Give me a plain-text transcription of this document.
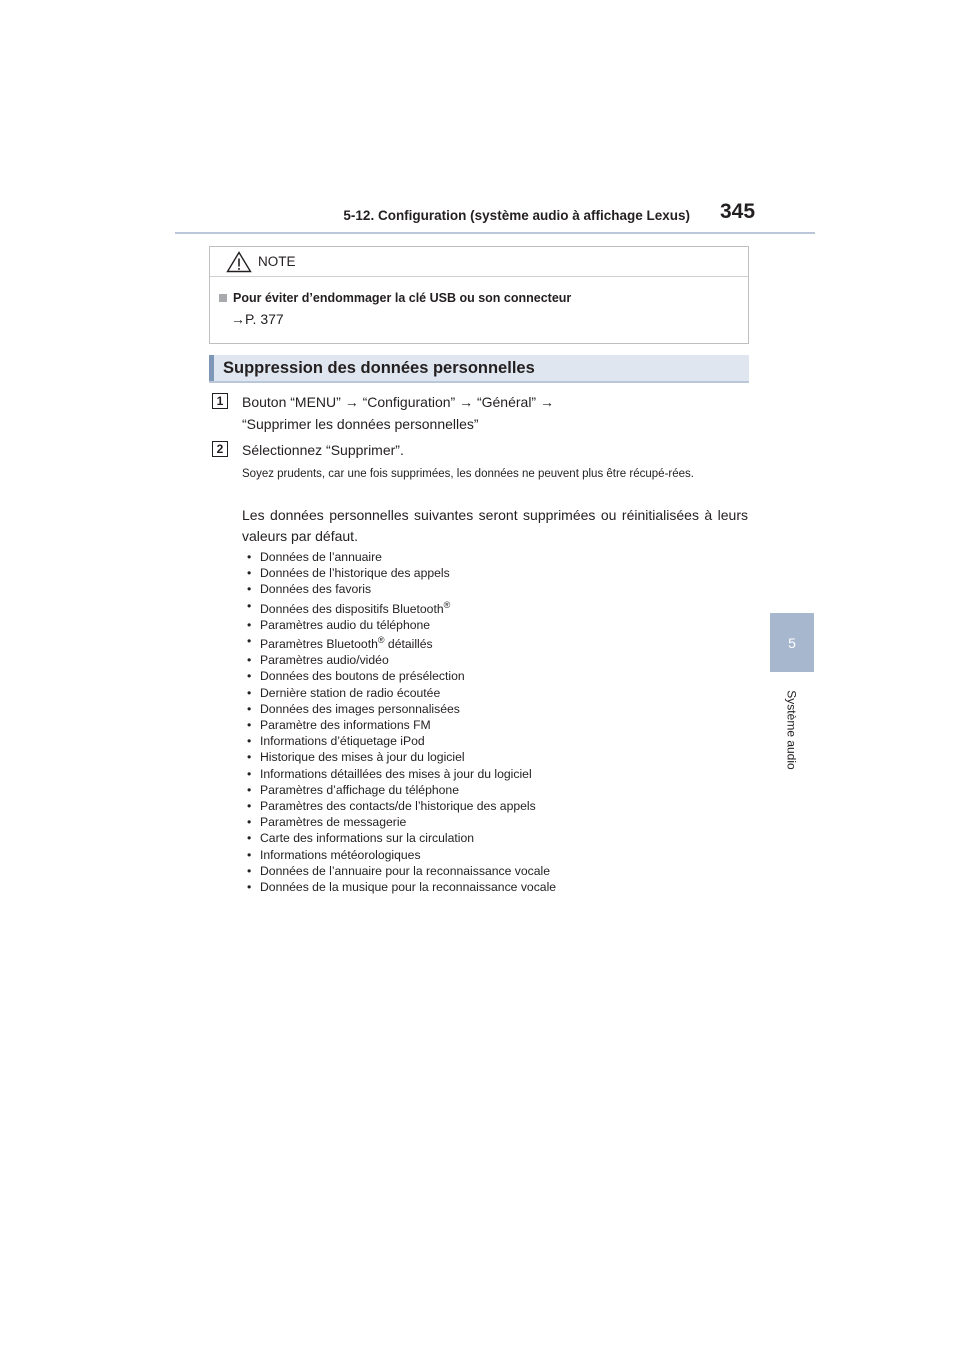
5-12. Configuration (système audio à affichage Lexus) 345
5
Système audio
NOTE
Pour éviter d’endommager la clé USB ou son connecteur
→P. 377
Suppression des données personnelles
1	Bouton “MENU” → “Configuration” → “Général” →
“Supprimer les données personnelles”
2	Sélectionnez “Supprimer”.
Soyez prudents, car une fois supprimées, les données ne peuvent plus être récupé-rées.
Les données personnelles suivantes seront supprimées ou réinitialisées à leurs valeurs par défaut.
• Données de l’annuaire
• Données de l’historique des appels
• Données des favoris
• Données des dispositifs Bluetooth®
• Paramètres audio du téléphone
• Paramètres Bluetooth® détaillés
• Paramètres audio/vidéo
• Données des boutons de présélection
• Dernière station de radio écoutée
• Données des images personnalisées
• Paramètre des informations FM
• Informations d’étiquetage iPod
• Historique des mises à jour du logiciel
• Informations détaillées des mises à jour du logiciel
• Paramètres d’affichage du téléphone
• Paramètres des contacts/de l’historique des appels
• Paramètres de messagerie
• Carte des informations sur la circulation
• Informations météorologiques
• Données de l’annuaire pour la reconnaissance vocale
• Données de la musique pour la reconnaissance vocale
